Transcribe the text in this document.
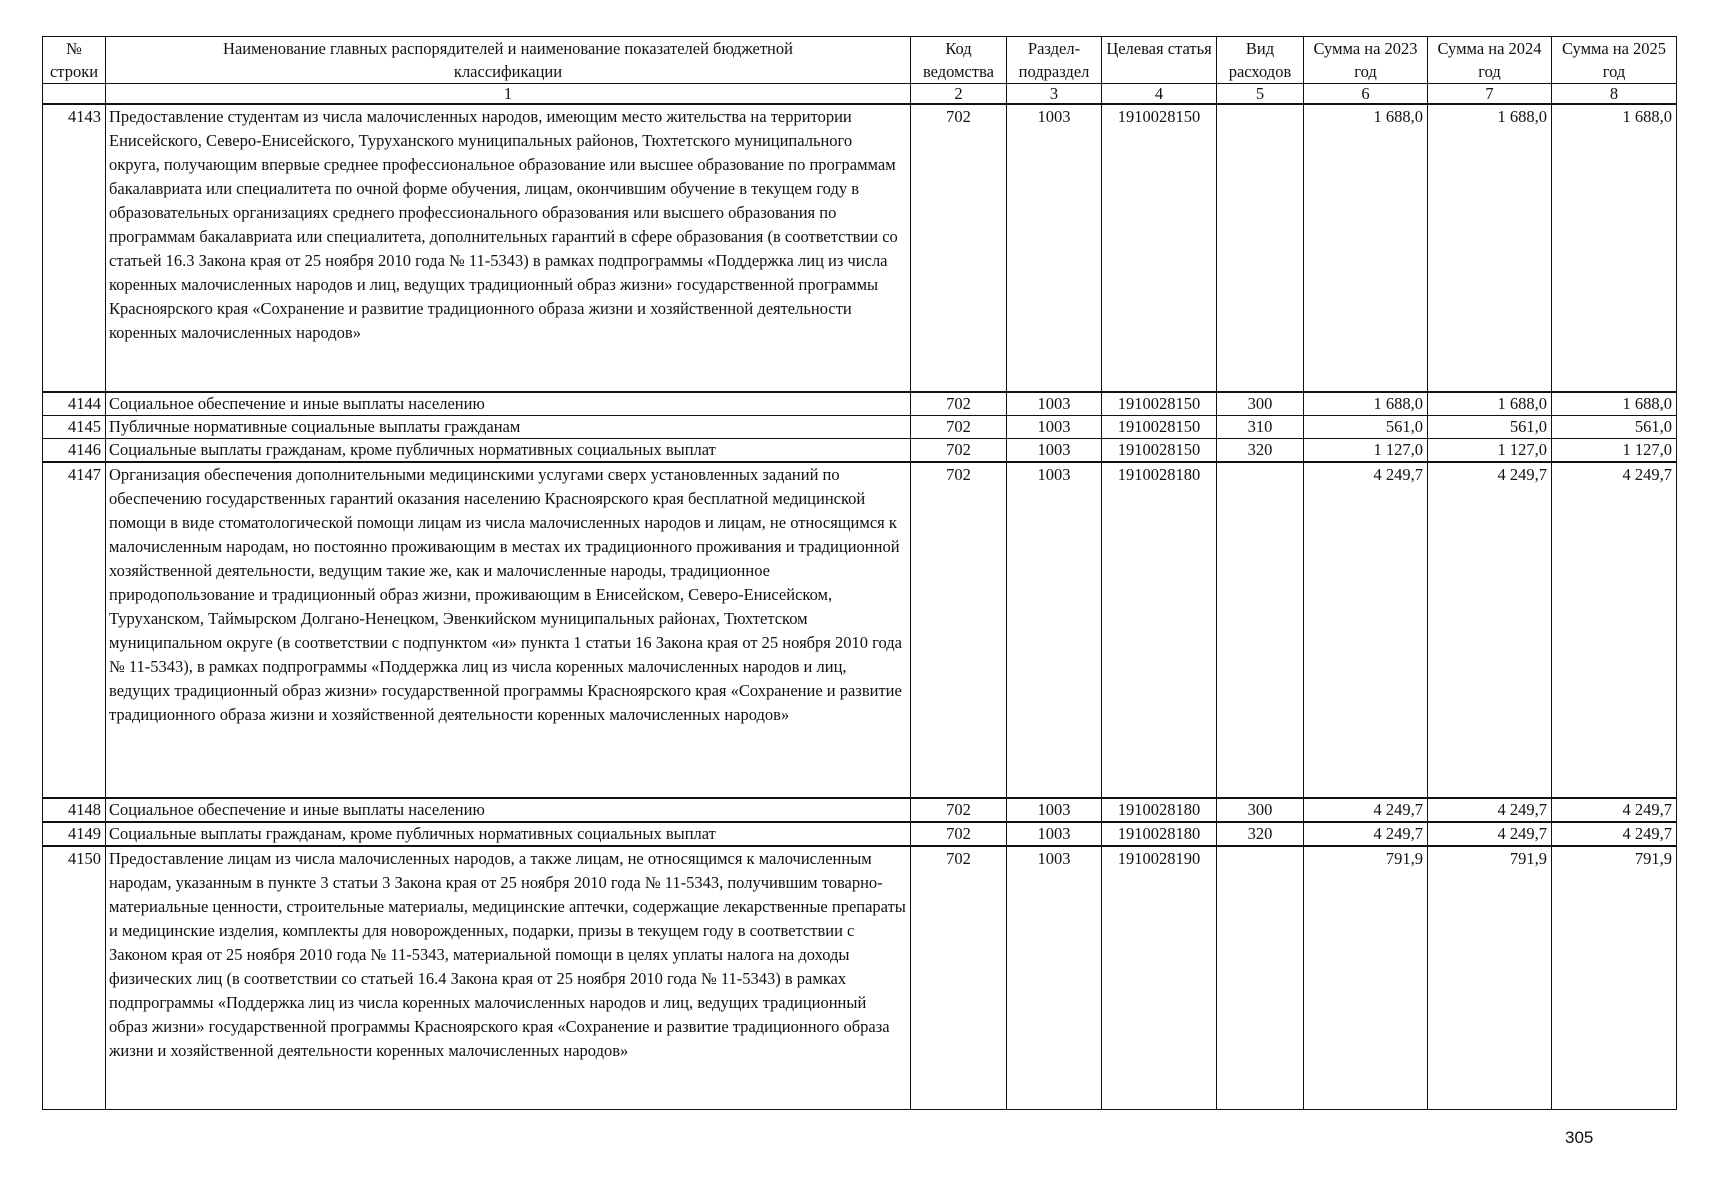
№ строки	Наименование главных распорядителей и наименование показателей бюджетной классификации	Код ведомства	Раздел-подраздел	Целевая статья	Вид расходов	Сумма на 2023 год	Сумма на 2024 год	Сумма на 2025 год
	1	2	3	4	5	6	7	8
4143	Предоставление студентам из числа малочисленных народов, имеющим место жительства на территории Енисейского, Северо-Енисейского, Туруханского муниципальных районов, Тюхтетского муниципального округа, получающим впервые среднее профессиональное образование или высшее образование по программам бакалавриата или специалитета по очной форме обучения, лицам, окончившим обучение в текущем году в образовательных организациях среднего профессионального образования или высшего образования по программам бакалавриата или специалитета, дополнительных гарантий в сфере образования (в соответствии со статьей 16.3 Закона края от 25 ноября 2010 года № 11-5343) в рамках подпрограммы «Поддержка лиц из числа коренных малочисленных народов и лиц, ведущих традиционный образ жизни» государственной программы Красноярского края «Сохранение и развитие традиционного образа жизни и хозяйственной деятельности коренных малочисленных народов»	702	1003	1910028150		1 688,0	1 688,0	1 688,0
4144	Социальное обеспечение и иные выплаты населению	702	1003	1910028150	300	1 688,0	1 688,0	1 688,0
4145	Публичные нормативные социальные выплаты гражданам	702	1003	1910028150	310	561,0	561,0	561,0
4146	Социальные выплаты гражданам, кроме публичных нормативных социальных выплат	702	1003	1910028150	320	1 127,0	1 127,0	1 127,0
4147	Организация обеспечения дополнительными медицинскими услугами сверх установленных заданий по обеспечению государственных гарантий оказания населению Красноярского края бесплатной медицинской помощи в виде стоматологической помощи лицам из числа малочисленных народов и лицам, не относящимся к малочисленным народам, но постоянно проживающим в местах их традиционного проживания и традиционной хозяйственной деятельности, ведущим такие же, как и малочисленные народы, традиционное природопользование и традиционный образ жизни, проживающим в Енисейском, Северо-Енисейском, Туруханском, Таймырском Долгано-Ненецком, Эвенкийском муниципальных районах, Тюхтетском муниципальном округе (в соответствии с подпунктом «и» пункта 1 статьи 16 Закона края от 25 ноября 2010 года № 11-5343), в рамках подпрограммы «Поддержка лиц из числа коренных малочисленных народов и лиц, ведущих традиционный образ жизни» государственной программы Красноярского края «Сохранение и развитие традиционного образа жизни и хозяйственной деятельности коренных малочисленных народов»	702	1003	1910028180		4 249,7	4 249,7	4 249,7
4148	Социальное обеспечение и иные выплаты населению	702	1003	1910028180	300	4 249,7	4 249,7	4 249,7
4149	Социальные выплаты гражданам, кроме публичных нормативных социальных выплат	702	1003	1910028180	320	4 249,7	4 249,7	4 249,7
4150	Предоставление лицам из числа малочисленных народов, а также лицам, не относящимся к малочисленным народам, указанным в пункте 3 статьи 3 Закона края от 25 ноября 2010 года № 11-5343, получившим товарно-материальные ценности, строительные материалы, медицинские аптечки, содержащие лекарственные препараты и медицинские изделия, комплекты для новорожденных, подарки, призы в текущем году в соответствии с Законом края от 25 ноября 2010 года № 11-5343, материальной помощи в целях уплаты налога на доходы физических лиц (в соответствии со статьей 16.4 Закона края от 25 ноября 2010 года № 11-5343) в рамках подпрограммы «Поддержка лиц из числа коренных малочисленных народов и лиц, ведущих традиционный образ жизни» государственной программы Красноярского края «Сохранение и развитие традиционного образа жизни и хозяйственной деятельности коренных малочисленных народов»	702	1003	1910028190		791,9	791,9	791,9
305
